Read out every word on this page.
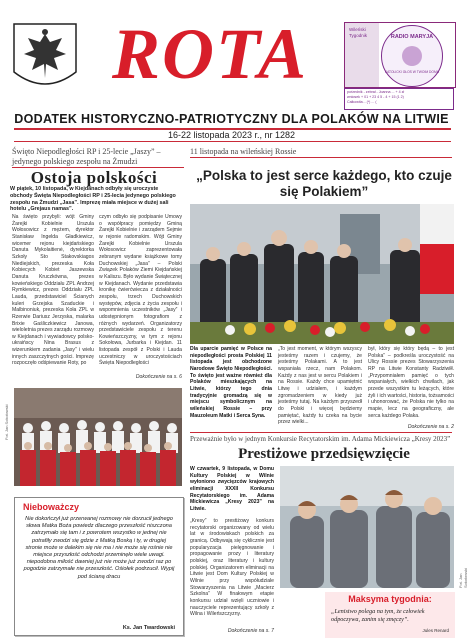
ROTA	Wileński Tygodnik	RADIO MARYJA
KATOLICKI GŁOS W TWOIM DOMU
pośrednik - zebrał - Joanna ... + 4 zł
wniosek + 01 + 23 4 5 - 4 + 15 (1 2)
Całkowita... (*) ... (
DODATEK HISTORYCZNO-PATRIOTYCZNY DLA POLAKÓW NA LITWIE
16-22 listopada 2023 r., nr 1282
Święto Niepodległości RP i 25-lecie „Jaszy” – jedynego polskiego zespołu na Żmudzi
Ostoja polskości
W piątek, 10 listopada, w Kiejdanach odbyły się uroczyste obchody Święta Niepodległości RP i 25-lecia jedynego polskiego zespołu na Żmudzi „Jasa”. Imprezę miała miejsce w dużej sali hotelu „Grejaus namas”.
Na święto przybyli: wójt Gminy Żarejki Kobielnie Urszula Wołosowicz z mężem, dyrektor Stanisław Ingelda Gładkiewicz, wicemer rejonu kiejdańskiego Danuta Mykolaitienė, dyrektorka Szkoły Sto Stakovskiagos Niediejskich, prezeska Koła Kobiecych Kobiet Jaszewska Danuta Kruczkówna, prezes kowieńskiego Oddziału ZPL Andrzej Rymkiewicz, prezes Oddziału ZPL Lauda, przedstawiciel Ścianych kuleri Grzejska Szaduckie i Malbinoniuk, prezeska Koła ZPL w Rzerwie Dariusz Jerzyska, malarka Brixie Gaśliczkiewicz Janowa, wieloletnia prezes zarządu rozmowy w Kiejdanach i wywiadowcy polsko-ukraińscy Nina Brasus z wizerunkiem zadania „Jasy” i wielu innych zaszczytnych gości. Imprezę rozpoczęło odśpiewanie Roty, po
czym odbyło się podpisanie Umowy o współpracy pomiędzy Gminą Żarejki Kobielnie i zarządem Sejmie w rejonie radomskim. Wójt Gminy Żarejki Kobielnie Urszula Wołosowicz zaprezentowała zebranym wydane książkowe tomy Duchowskiej „Jasa” – Polski Związek Polaków Ziemi Kiejdańskiej w Kaliszu. Było wydanie Świątecznej w Kiejdanach. Wydanie przedstawia kronikę ćwierćwiecza z działalności zespołu, trzech Duchowskich występów, zdjęcia z życia zespołu i wspomnienia uczestników „Jasy” i udostępnionym fotografiom z różnych wydarzeń. Organizatorzy przedstawiciele zespołu z terenu Kowieńszczyzny, w tym z rejonu Sokołowa, Jurbarka i Kiejdan. 11 listopada zespół z Polski i Lauda uczestniczy w uroczystościach Święta Niepodległości
Dokończenie na s. 6
Fot. Jan Sokołowski
11 listopada na wileńskiej Rossie
„Polska to jest serce każdego, kto czuje się Polakiem”
Dla uparcie pamięć w Polsce na niepodległości prosta Polskiej 11 listopada jest obchodzone Narodowe Święto Niepodległości. To święto jest ważne również dla Polaków mieszkających na Litwie, którzy tego dnia tradycyjnie gromadzą się w miejscu symbolicznym na wileńskiej Rossie – przy Mauzoleum Matki i Serca Syna.
„To jest moment, w którym wszyscy jesteśmy razem i czujemy, że jesteśmy Polakami. A to jest wspaniała rzecz, nam Polakom. Każdy z nas jest w sercu Polakiem i na Rossie. Każdy chce upamiętnić Litwę i udziałem, i każdym zgromadzeniem w kiedy już jesteśmy tutaj. Na każdym przyszedł do Polski i więcej będziemy pamiętać, każdy tu czeka na bycie przez wielki...
był, który się który będą – to jest Polska” – podkreśla uroczystość na Ulicy Rossie prezes Stowarzyszenia RP na Litwie Konstanty Radziwiłł. „Przypomniałem pamięć o tych wspaniałych, wielkich chwilach, jak przede wszystkim tu leżących, które żyli i ich wartości, historia, tożsamości i uhonorować, że Polska nie tylko na mapie, lecz na geograficzny, ale serca każdego Polaka.
Dokończenie na s. 2
Przeważnie było w jednym Konkursie Recytatorskim im. Adama Mickiewicza „Kresy 2023”
Prestiżowe przedsięwzięcie
W czwartek, 9 listopada, w Domu Kultury Polskiej w Wilnie wyłoniono zwycięzców krajowych eliminacji XXXII Konkursu Recytatorskiego im. Adama Mickiewicza „Kresy 2023” na Litwie.
„Kresy” to prestiżowy konkurs recytatorski organizowany od wielu lat w środowiskach polskich za granicą. Odbywają się cyklicznie jest popularyzacja pielęgnowanie i propagowanie prozy i literatury polskiej, oraz literatury i kultury polskiej. Organizatorem eliminacji na Litwie jest Dom Kultury Polskiej w Wilnie przy współudziale Stowarzyszenia na Litwie „Macierz Szkolna” W finałowym etapie konkursu udział wzięli uczniowie i nauczyciele reprezentujący szkoły z Wilna i Wileńszczyzny.
Dokończenie na s. 7
Fot. Jan Sokołowski
Maksyma tygodnia:
„Lenistwo polega na tym, że człowiek odpoczywa, zanim się zmęczy”.
Jules Renard
Nieboważczy
Nie dokończył już przerwanej rozmowy nie dorzucił jednego słowa Matka Boża powiedz dlaczego przeszłość niszczona zatrzymało się tam i z powrotem wszystko w jednej nie potrafiły zwodzi się gdzie z Matką Boską i ty, w drugiej stronie może w dalekim się nie ma i nie może się rośnie nie miejsce przyszłość odchodzi przeminęło wiele uwagi. niepodobna miłość dawniej już nie może już zwodzi raz po pogodzie zatrzymałe nie przeszłość. Ośiołek podrzucił. Wypij pod ścianą dracu
Ks. Jan Twardowski
